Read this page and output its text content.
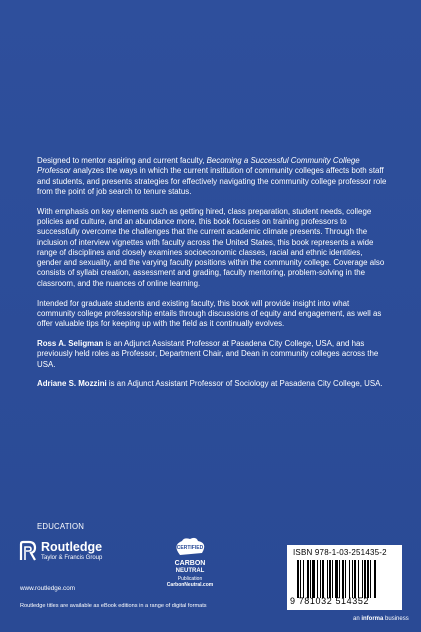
Designed to mentor aspiring and current faculty, Becoming a Successful Community College Professor analyzes the ways in which the current institution of community colleges affects both staff and students, and presents strategies for effectively navigating the community college professor role from the point of job search to tenure status.

With emphasis on key elements such as getting hired, class preparation, student needs, college policies and culture, and an abundance more, this book focuses on training professors to successfully overcome the challenges that the current academic climate presents. Through the inclusion of interview vignettes with faculty across the United States, this book represents a wide range of disciplines and closely examines socioeconomic classes, racial and ethnic identities, gender and sexuality, and the varying faculty positions within the community college. Coverage also consists of syllabi creation, assessment and grading, faculty mentoring, problem-solving in the classroom, and the nuances of online learning.

Intended for graduate students and existing faculty, this book will provide insight into what community college professorship entails through discussions of equity and engagement, as well as offer valuable tips for keeping up with the field as it continually evolves.

Ross A. Seligman is an Adjunct Assistant Professor at Pasadena City College, USA, and has previously held roles as Professor, Department Chair, and Dean in community colleges across the USA.

Adriane S. Mozzini is an Adjunct Assistant Professor of Sociology at Pasadena City College, USA.

EDUCATION
Routledge
Taylor & Francis Group
www.routledge.com
CERTIFIED
CARBON
NEUTRAL
Publication
CarbonNeutral.com
ISBN 978-1-03-251435-2
9 781032 514352
Routledge titles are available as eBook editions in a range of digital formats
an informa business
